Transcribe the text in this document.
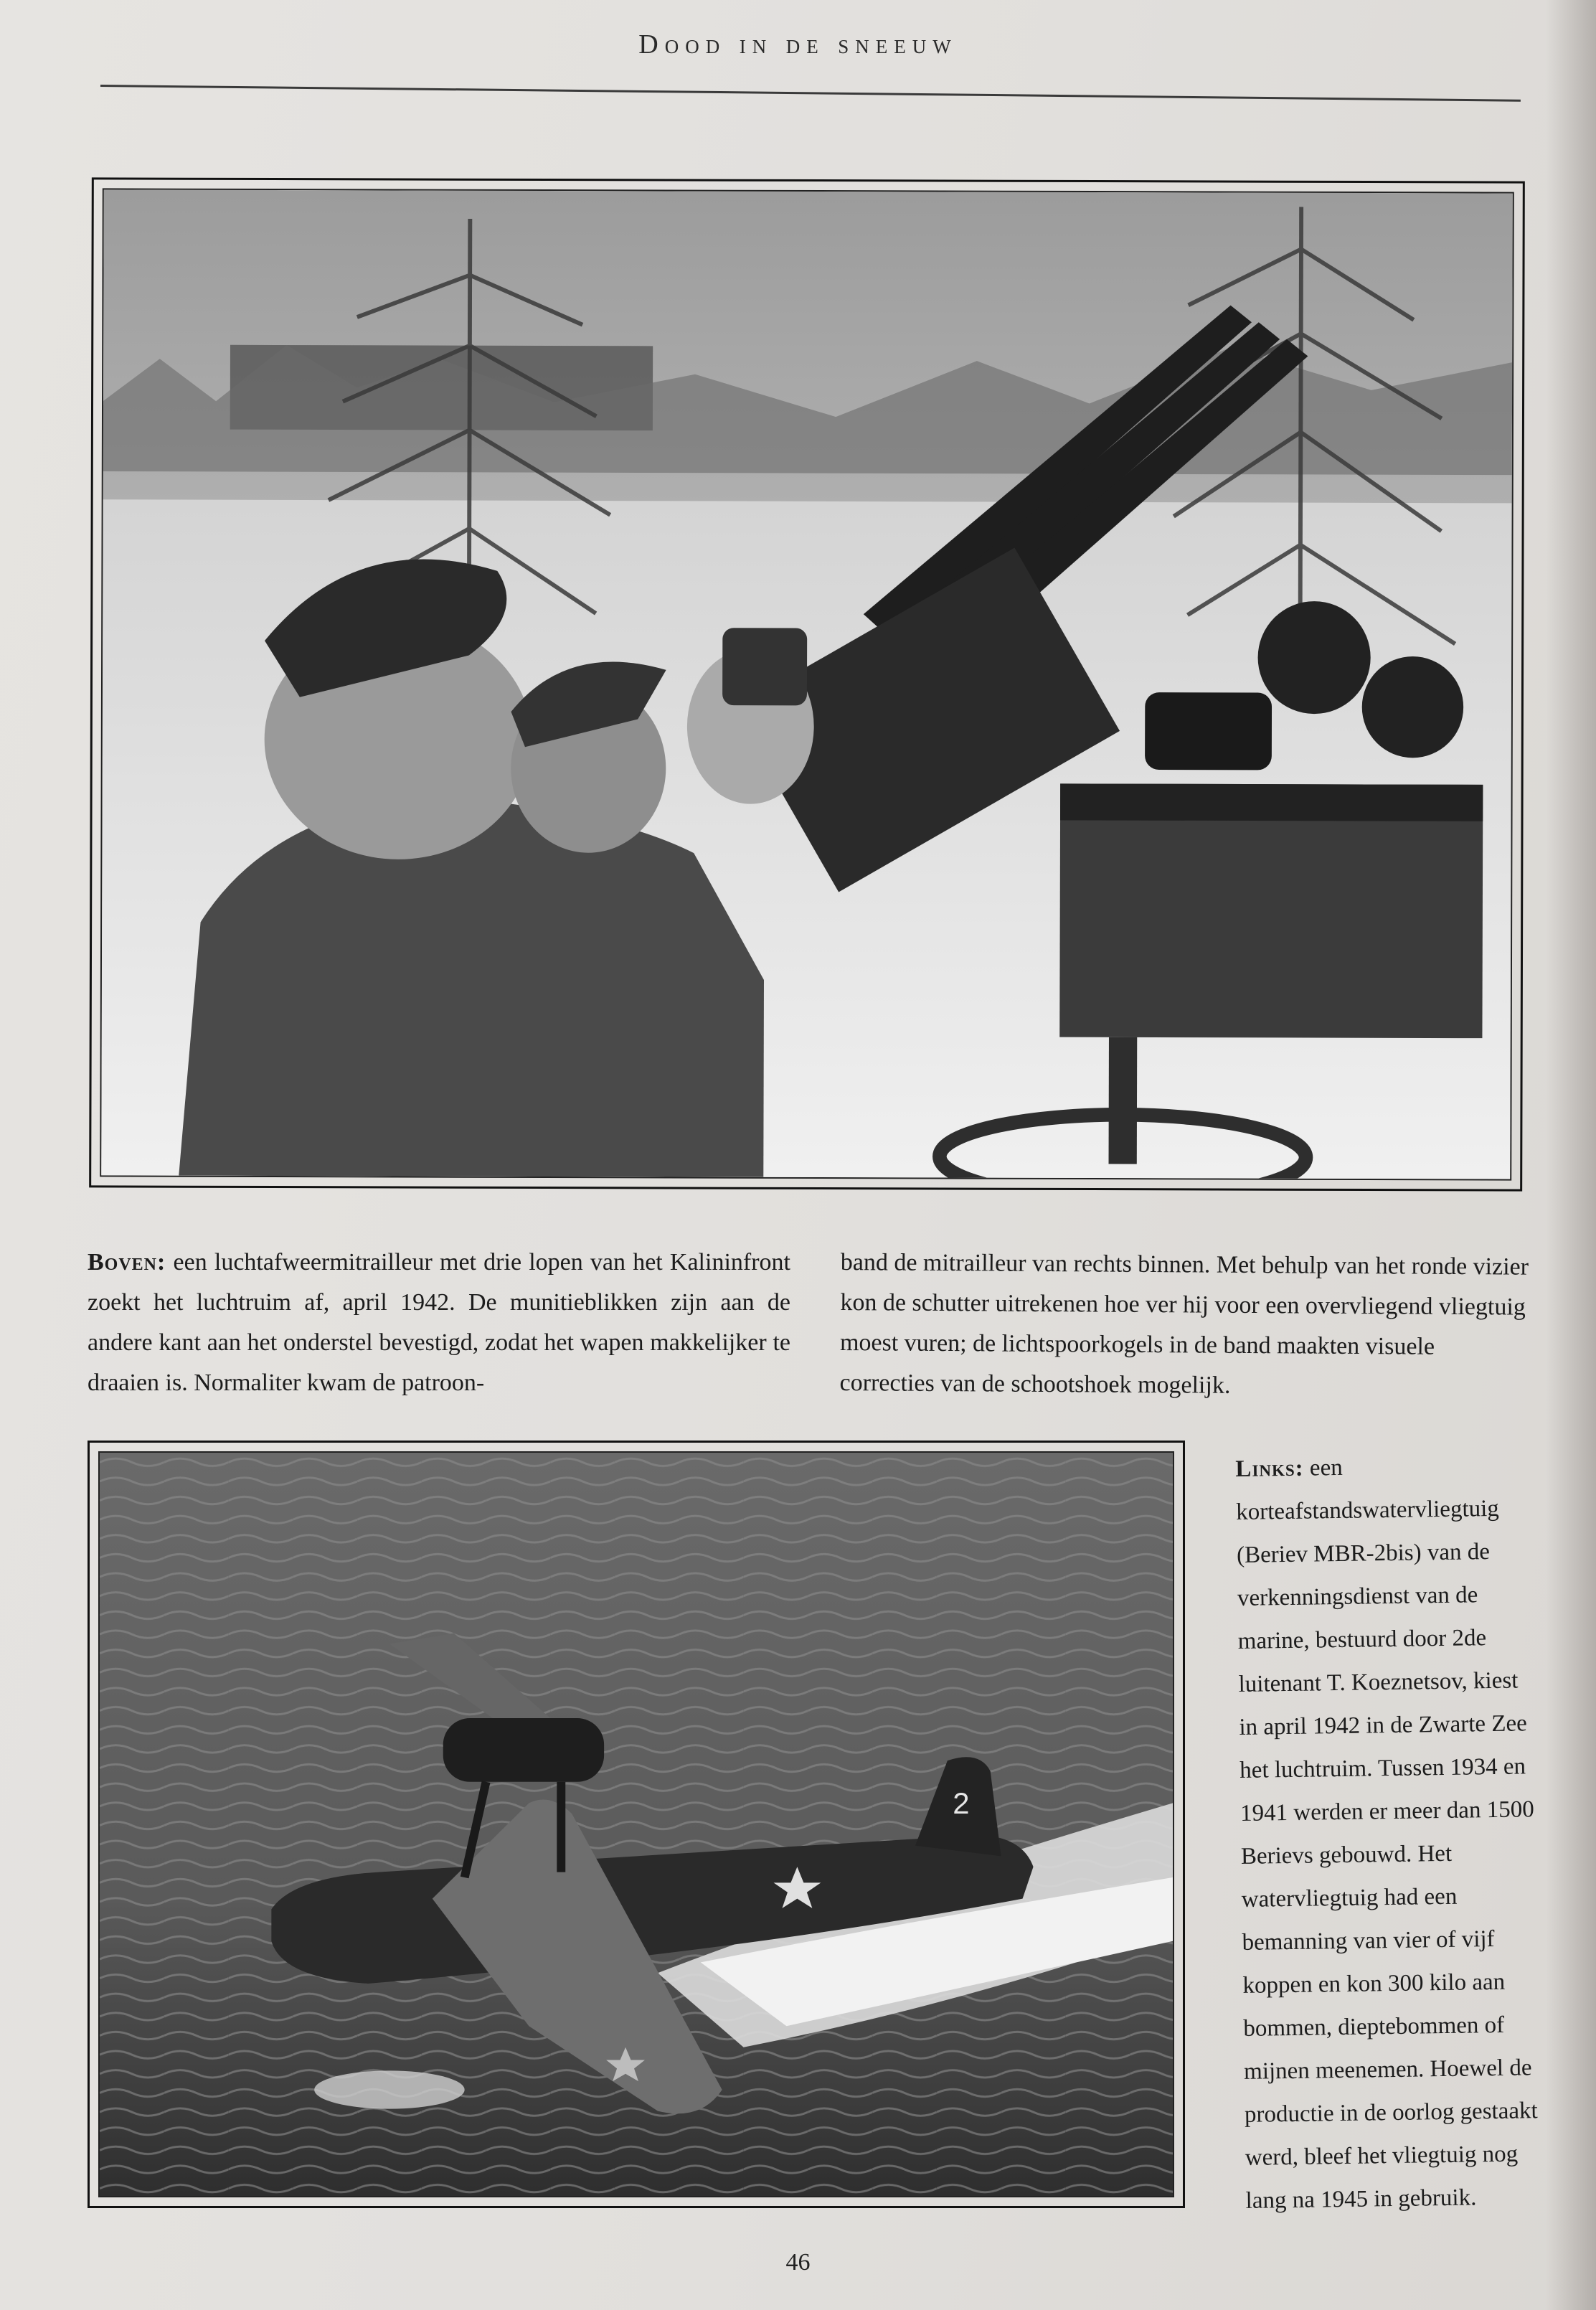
Dood in de sneeuw
Boven: een luchtafweermitrailleur met drie lopen van het Kalininfront zoekt het luchtruim af, april 1942. De munitieblikken zijn aan de andere kant aan het onderstel bevestigd, zodat het wapen makkelijker te draaien is. Normaliter kwam de patroon-
band de mitrailleur van rechts binnen. Met behulp van het ronde vizier kon de schutter uitrekenen hoe ver hij voor een overvliegend vliegtuig moest vuren; de lichtspoorkogels in de band maakten visuele correcties van de schootshoek mogelijk.
2
Links: een korteafstandswatervliegtuig (Beriev MBR-2bis) van de verkenningsdienst van de marine, bestuurd door 2de luitenant T. Koeznetsov, kiest in april 1942 in de Zwarte Zee het luchtruim. Tussen 1934 en 1941 werden er meer dan 1500 Berievs gebouwd. Het watervliegtuig had een bemanning van vier of vijf koppen en kon 300 kilo aan bommen, dieptebommen of mijnen meenemen. Hoewel de productie in de oorlog gestaakt werd, bleef het vliegtuig nog lang na 1945 in gebruik.
46
